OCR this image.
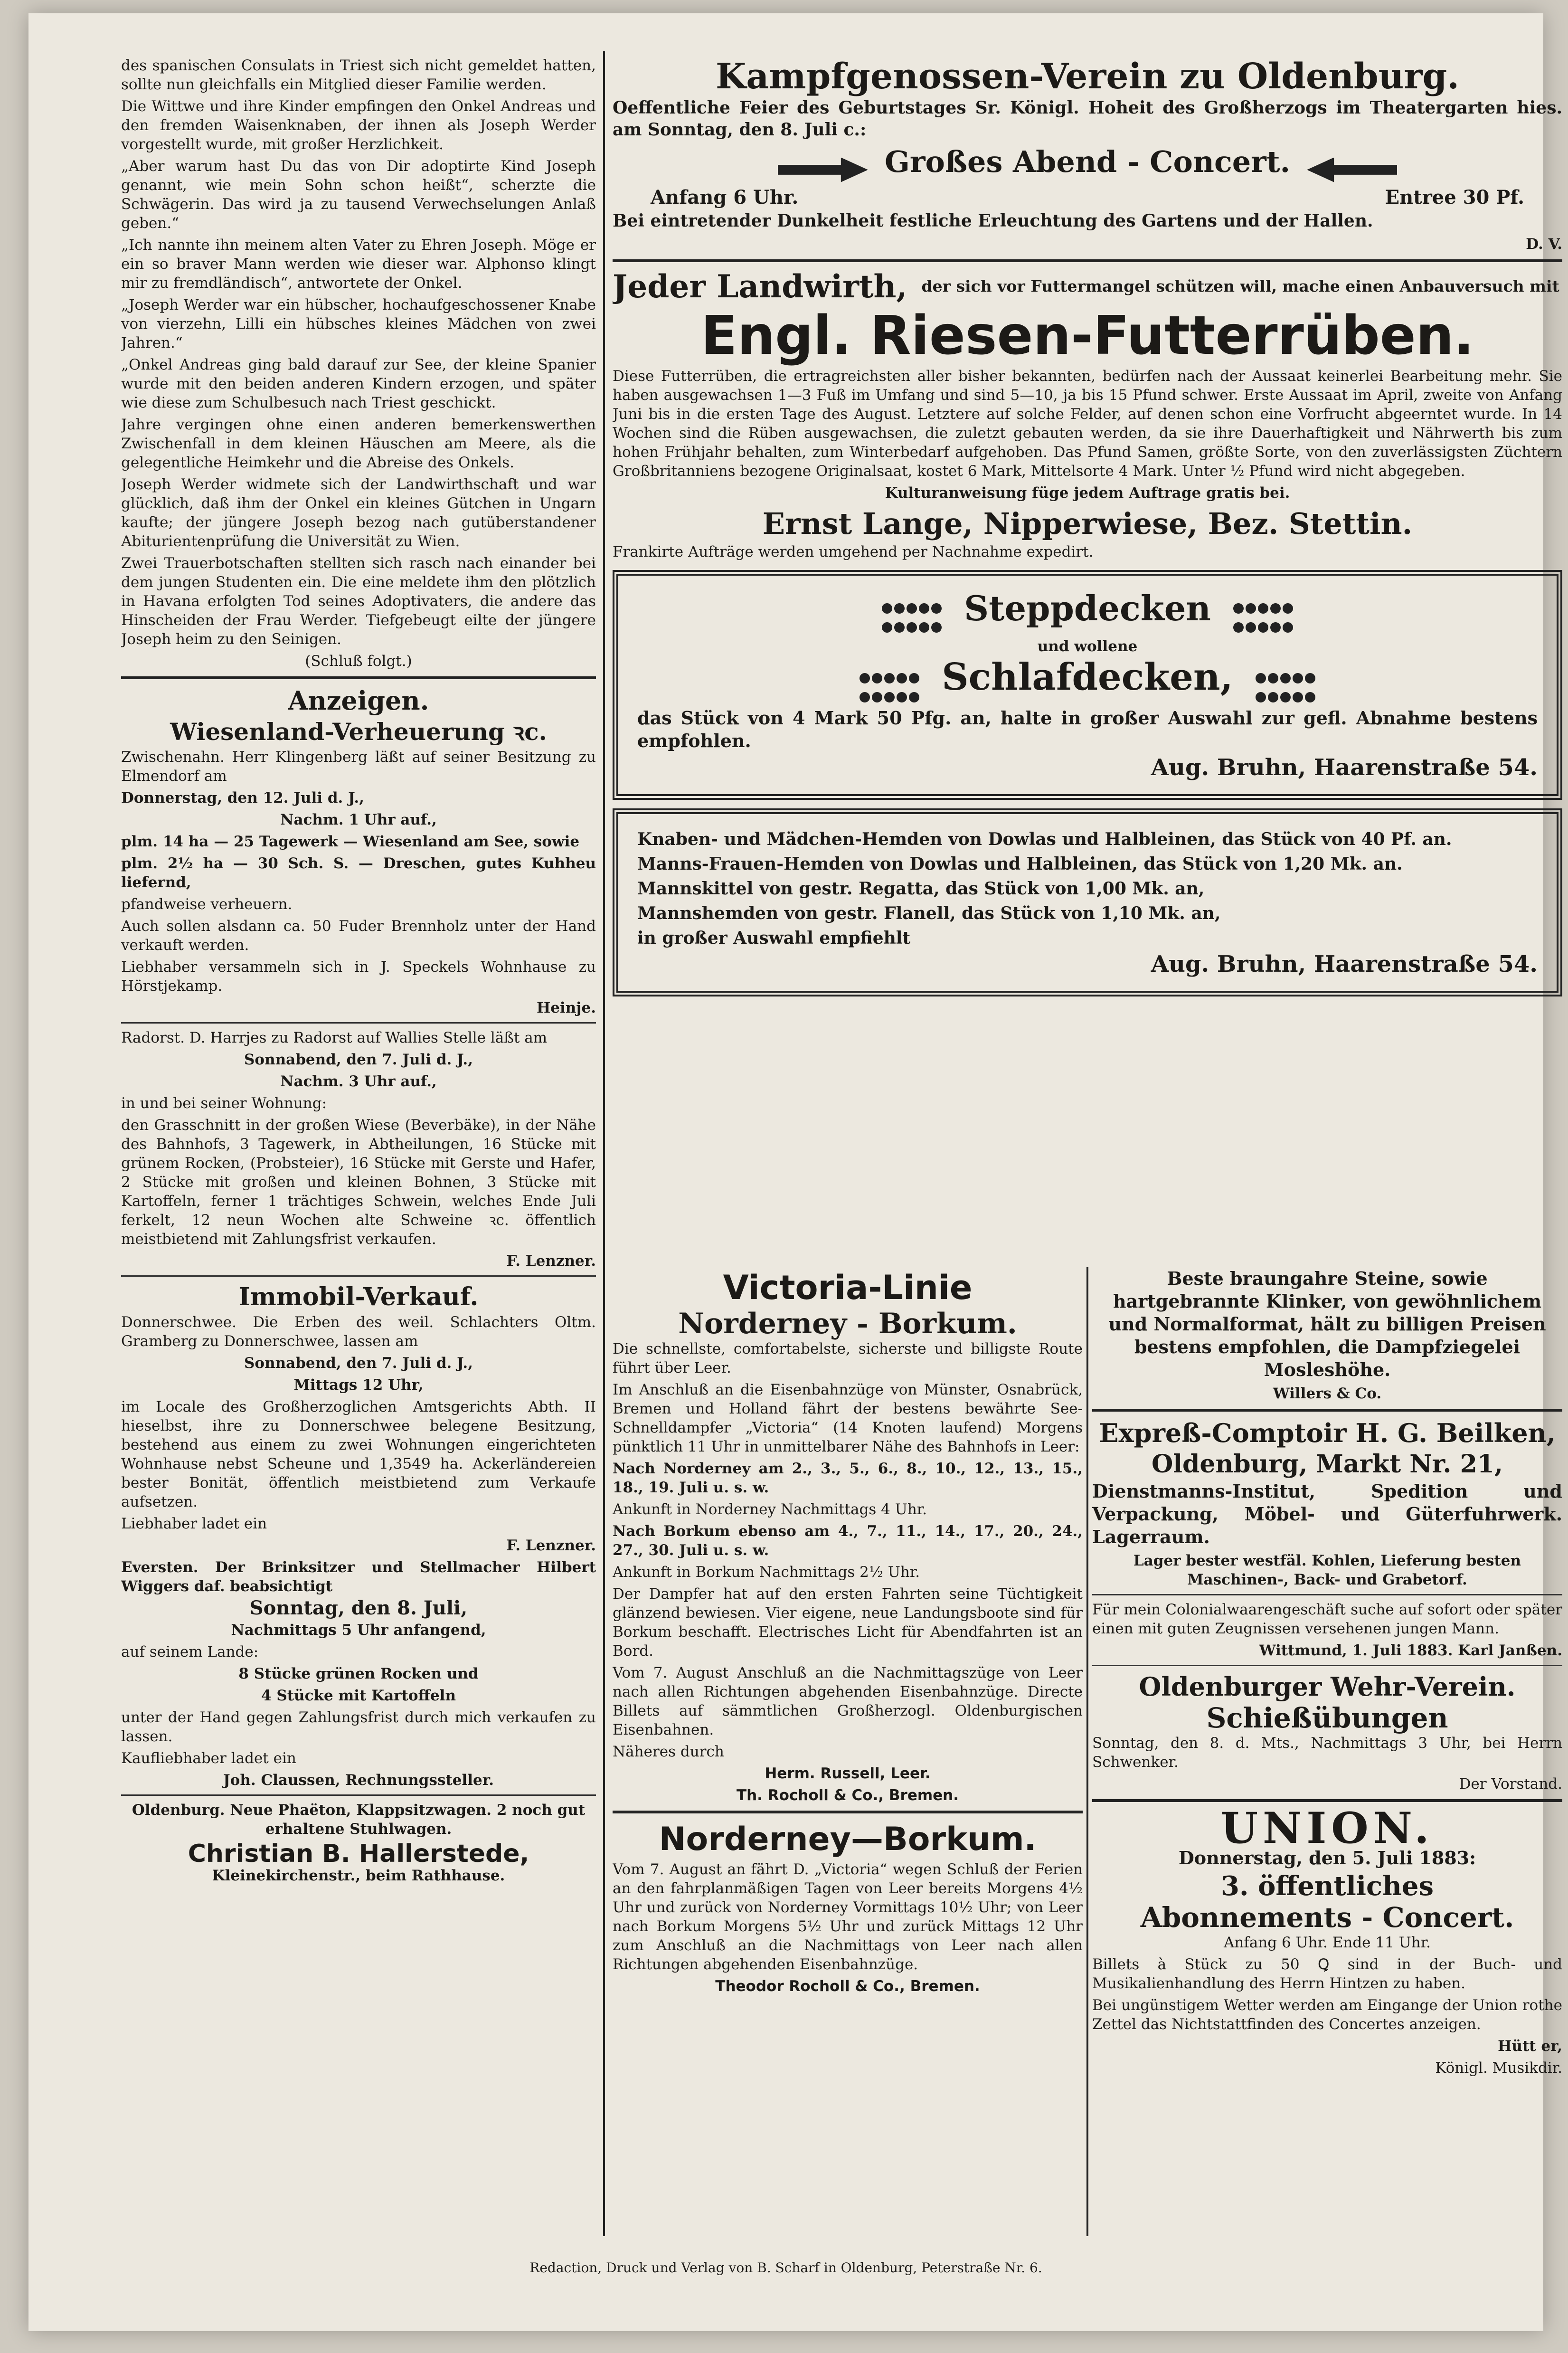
des spanischen Consulats in Triest sich nicht gemeldet hatten, sollte nun gleichfalls ein Mitglied dieser Familie werden.

Die Wittwe und ihre Kinder empfingen den Onkel Andreas und den fremden Waisenknaben, der ihnen als Joseph Werder vorgestellt wurde, mit großer Herzlichkeit.

„Aber warum hast Du das von Dir adoptirte Kind Joseph genannt, wie mein Sohn schon heißt“, scherzte die Schwägerin. Das wird ja zu tausend Verwechselungen Anlaß geben.“

„Ich nannte ihn meinem alten Vater zu Ehren Joseph. Möge er ein so braver Mann werden wie dieser war. Alphonso klingt mir zu fremdländisch“, antwortete der Onkel.

„Joseph Werder war ein hübscher, hochaufgeschossener Knabe von vierzehn, Lilli ein hübsches kleines Mädchen von zwei Jahren.“

„Onkel Andreas ging bald darauf zur See, der kleine Spanier wurde mit den beiden anderen Kindern erzogen, und später wie diese zum Schulbesuch nach Triest geschickt.

Jahre vergingen ohne einen anderen bemerkenswerthen Zwischenfall in dem kleinen Häuschen am Meere, als die gelegentliche Heimkehr und die Abreise des Onkels.

Joseph Werder widmete sich der Landwirthschaft und war glücklich, daß ihm der Onkel ein kleines Gütchen in Ungarn kaufte; der jüngere Joseph bezog nach gutüberstandener Abiturientenprüfung die Universität zu Wien.

Zwei Trauerbotschaften stellten sich rasch nach einander bei dem jungen Studenten ein. Die eine meldete ihm den plötzlich in Havana erfolgten Tod seines Adoptivaters, die andere das Hinscheiden der Frau Werder. Tiefgebeugt eilte der jüngere Joseph heim zu den Seinigen.

(Schluß folgt.)

Anzeigen.
Wiesenland-Verheuerung ꝛc.

Zwischenahn. Herr Klingenberg läßt auf seiner Besitzung zu Elmendorf am

Donnerstag, den 12. Juli d. J.,

Nachm. 1 Uhr auf.,

plm. 14 ha — 25 Tagewerk — Wiesenland am See, sowie

plm. 2½ ha — 30 Sch. S. — Dreschen, gutes Kuhheu liefernd,

pfandweise verheuern.

Auch sollen alsdann ca. 50 Fuder Brennholz unter der Hand verkauft werden.

Liebhaber versammeln sich in J. Speckels Wohnhause zu Hörstjekamp.

Heinje.

Radorst. D. Harrjes zu Radorst auf Wallies Stelle läßt am

Sonnabend, den 7. Juli d. J.,

Nachm. 3 Uhr auf.,

in und bei seiner Wohnung:

den Grasschnitt in der großen Wiese (Beverbäke), in der Nähe des Bahnhofs, 3 Tagewerk, in Abtheilungen, 16 Stücke mit grünem Rocken, (Probsteier), 16 Stücke mit Gerste und Hafer, 2 Stücke mit großen und kleinen Bohnen, 3 Stücke mit Kartoffeln, ferner 1 trächtiges Schwein, welches Ende Juli ferkelt, 12 neun Wochen alte Schweine ꝛc. öffentlich meistbietend mit Zahlungsfrist verkaufen.

F. Lenzner.

Immobil-Verkauf.

Donnerschwee. Die Erben des weil. Schlachters Oltm. Gramberg zu Donnerschwee, lassen am

Sonnabend, den 7. Juli d. J.,

Mittags 12 Uhr,

im Locale des Großherzoglichen Amtsgerichts Abth. II hieselbst, ihre zu Donnerschwee belegene Besitzung, bestehend aus einem zu zwei Wohnungen eingerichteten Wohnhause nebst Scheune und 1,3549 ha. Ackerländereien bester Bonität, öffentlich meistbietend zum Verkaufe aufsetzen.

Liebhaber ladet ein

F. Lenzner.

Eversten. Der Brinksitzer und Stellmacher Hilbert Wiggers daf. beabsichtigt

Sonntag, den 8. Juli,

Nachmittags 5 Uhr anfangend,

auf seinem Lande:

8 Stücke grünen Rocken und

4 Stücke mit Kartoffeln

unter der Hand gegen Zahlungsfrist durch mich verkaufen zu lassen.

Kaufliebhaber ladet ein

Joh. Claussen, Rechnungssteller.

Oldenburg. Neue Phaëton, Klappsitzwagen. 2 noch gut erhaltene Stuhlwagen.

Christian B. Hallerstede,

Kleinekirchenstr., beim Rathhause.

Kampfgenossen-Verein zu Oldenburg.

Oeffentliche Feier des Geburtstages Sr. Königl. Hoheit des Großherzogs im Theatergarten hies. am Sonntag, den 8. Juli c.:

Großes Abend - Concert.
Anfang 6 Uhr.	Entree 30 Pf.

Bei eintretender Dunkelheit festliche Erleuchtung des Gartens und der Hallen.

D. V.

Jeder Landwirth, der sich vor Futtermangel schützen will, mache einen Anbauversuch mit
Engl. Riesen-Futterrüben.

Diese Futterrüben, die ertragreichsten aller bisher bekannten, bedürfen nach der Aussaat keinerlei Bearbeitung mehr. Sie haben ausgewachsen 1—3 Fuß im Umfang und sind 5—10, ja bis 15 Pfund schwer. Erste Aussaat im April, zweite von Anfang Juni bis in die ersten Tage des August. Letztere auf solche Felder, auf denen schon eine Vorfrucht abgeerntet wurde. In 14 Wochen sind die Rüben ausgewachsen, die zuletzt gebauten werden, da sie ihre Dauerhaftigkeit und Nährwerth bis zum hohen Frühjahr behalten, zum Winterbedarf aufgehoben. Das Pfund Samen, größte Sorte, von den zuverlässigsten Züchtern Großbritanniens bezogene Originalsaat, kostet 6 Mark, Mittelsorte 4 Mark. Unter ½ Pfund wird nicht abgegeben.

Kulturanweisung füge jedem Auftrage gratis bei.

Ernst Lange, Nipperwiese, Bez. Stettin.

Frankirte Aufträge werden umgehend per Nachnahme expedirt.

Steppdecken

und wollene

Schlafdecken,

das Stück von 4 Mark 50 Pfg. an, halte in großer Auswahl zur gefl. Abnahme bestens empfohlen.

Aug. Bruhn, Haarenstraße 54.

Knaben- und Mädchen-Hemden von Dowlas und Halbleinen, das Stück von 40 Pf. an.

Manns-Frauen-Hemden von Dowlas und Halbleinen, das Stück von 1,20 Mk. an.

Mannskittel von gestr. Regatta, das Stück von 1,00 Mk. an,

Mannshemden von gestr. Flanell, das Stück von 1,10 Mk. an,

in großer Auswahl empfiehlt

Aug. Bruhn, Haarenstraße 54.
Victoria-Linie
Norderney - Borkum.

Die schnellste, comfortabelste, sicherste und billigste Route führt über Leer.

Im Anschluß an die Eisenbahnzüge von Münster, Osnabrück, Bremen und Holland fährt der bestens bewährte See-Schnelldampfer „Victoria“ (14 Knoten laufend) Morgens pünktlich 11 Uhr in unmittelbarer Nähe des Bahnhofs in Leer:

Nach Norderney am 2., 3., 5., 6., 8., 10., 12., 13., 15., 18., 19. Juli u. s. w.

Ankunft in Norderney Nachmittags 4 Uhr.

Nach Borkum ebenso am 4., 7., 11., 14., 17., 20., 24., 27., 30. Juli u. s. w.

Ankunft in Borkum Nachmittags 2½ Uhr.

Der Dampfer hat auf den ersten Fahrten seine Tüchtigkeit glänzend bewiesen. Vier eigene, neue Landungsboote sind für Borkum beschafft. Electrisches Licht für Abendfahrten ist an Bord.

Vom 7. August Anschluß an die Nachmittagszüge von Leer nach allen Richtungen abgehenden Eisenbahnzüge. Directe Billets auf sämmtlichen Großherzogl. Oldenburgischen Eisenbahnen.

Näheres durch

Herm. Russell, Leer.

Th. Rocholl & Co., Bremen.

Norderney—Borkum.

Vom 7. August an fährt D. „Victoria“ wegen Schluß der Ferien an den fahrplanmäßigen Tagen von Leer bereits Morgens 4½ Uhr und zurück von Norderney Vormittags 10½ Uhr; von Leer nach Borkum Morgens 5½ Uhr und zurück Mittags 12 Uhr zum Anschluß an die Nachmittags von Leer nach allen Richtungen abgehenden Eisenbahnzüge.

Theodor Rocholl & Co., Bremen.

Beste braungahre Steine, sowie hartgebrannte Klinker, von gewöhnlichem und Normalformat, hält zu billigen Preisen bestens empfohlen, die Dampfziegelei Mosleshöhe.

Willers & Co.

Expreß-Comptoir H. G. Beilken,
Oldenburg, Markt Nr. 21,

Dienstmanns-Institut, Spedition und Verpackung, Möbel- und Güterfuhrwerk. Lagerraum.

Lager bester westfäl. Kohlen, Lieferung besten Maschinen-, Back- und Grabetorf.

Für mein Colonialwaarengeschäft suche auf sofort oder später einen mit guten Zeugnissen versehenen jungen Mann.

Wittmund, 1. Juli 1883. Karl Janßen.

Oldenburger Wehr-Verein.
Schießübungen

Sonntag, den 8. d. Mts., Nachmittags 3 Uhr, bei Herrn Schwenker.

Der Vorstand.

UNION.

Donnerstag, den 5. Juli 1883:

3. öffentliches
Abonnements - Concert.

Anfang 6 Uhr. Ende 11 Uhr.

Billets à Stück zu 50 Ꝗ sind in der Buch- und Musikalienhandlung des Herrn Hintzen zu haben.

Bei ungünstigem Wetter werden am Eingange der Union rothe Zettel das Nichtstattfinden des Concertes anzeigen.

Hütt er,

Königl. Musikdir.

Redaction, Druck und Verlag von B. Scharf in Oldenburg, Peterstraße Nr. 6.
